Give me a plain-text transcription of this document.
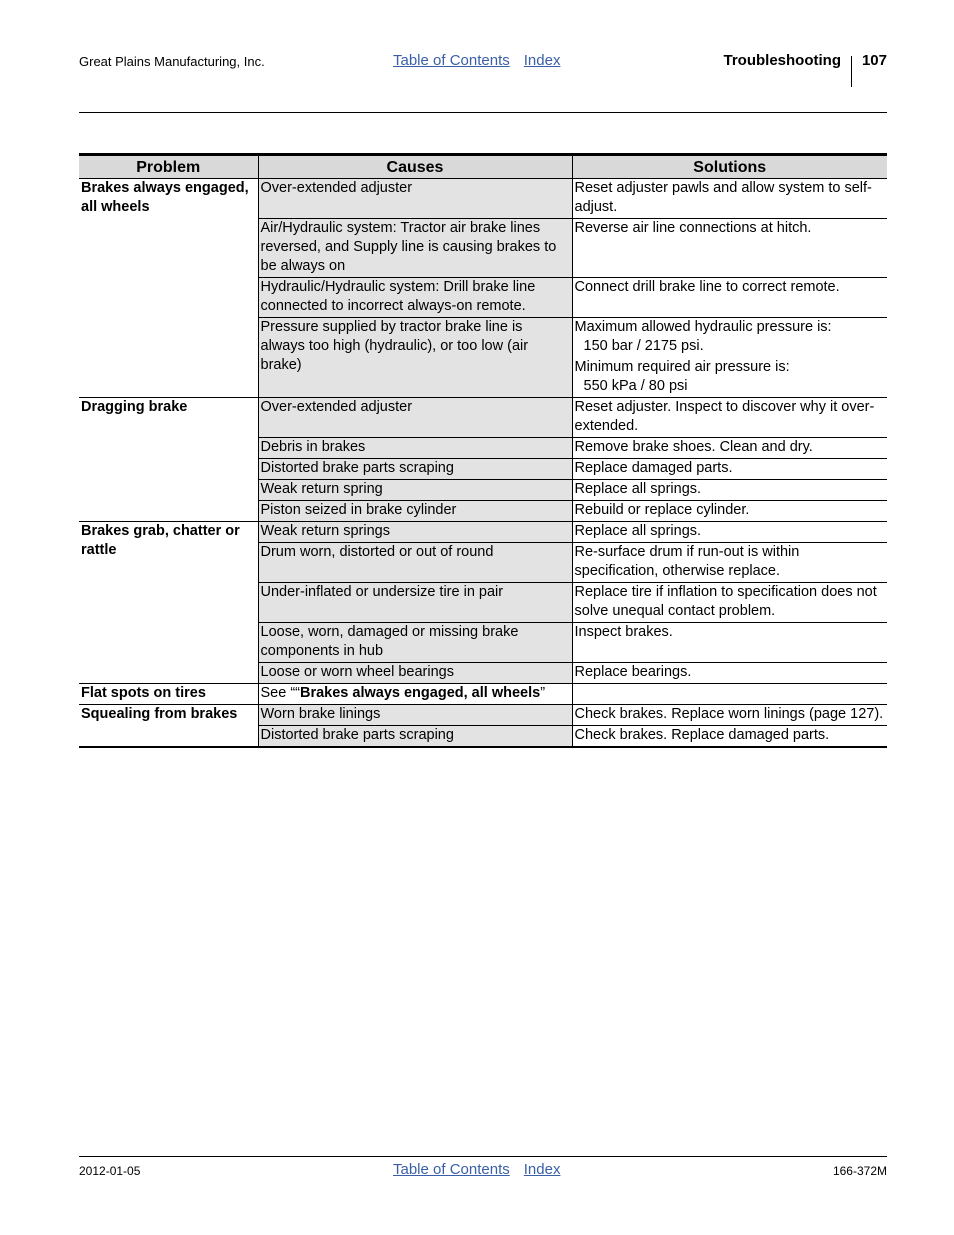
Great Plains Manufacturing, Inc.	Table of Contents Index	Troubleshooting 107
Problem	Causes	Solutions
Brakes always engaged, all wheels	Over-extended adjuster	Reset adjuster pawls and allow system to self-adjust.
	Air/Hydraulic system: Tractor air brake lines reversed, and Supply line is causing brakes to be always on	Reverse air line connections at hitch.
	Hydraulic/Hydraulic system: Drill brake line connected to incorrect always-on remote.	Connect drill brake line to correct remote.
	Pressure supplied by tractor brake line is always too high (hydraulic), or too low (air brake)	Maximum allowed hydraulic pressure is:
150 bar / 2175 psi.
Minimum required air pressure is:
550 kPa / 80 psi

Dragging brake	Over-extended adjuster	Reset adjuster. Inspect to discover why it over-extended.
	Debris in brakes	Remove brake shoes. Clean and dry.
	Distorted brake parts scraping	Replace damaged parts.
	Weak return spring	Replace all springs.
	Piston seized in brake cylinder	Rebuild or replace cylinder.
Brakes grab, chatter or rattle	Weak return springs	Replace all springs.
	Drum worn, distorted or out of round	Re-surface drum if run-out is within specification, otherwise replace.
	Under-inflated or undersize tire in pair	Replace tire if inflation to specification does not solve unequal contact problem.
	Loose, worn, damaged or missing brake components in hub	Inspect brakes.
	Loose or worn wheel bearings	Replace bearings.
Flat spots on tires	See ““Brakes always engaged, all wheels”	
Squealing from brakes	Worn brake linings	Check brakes. Replace worn linings (page 127).
	Distorted brake parts scraping	Check brakes. Replace damaged parts.
2012-01-05	Table of Contents Index	166-372M
